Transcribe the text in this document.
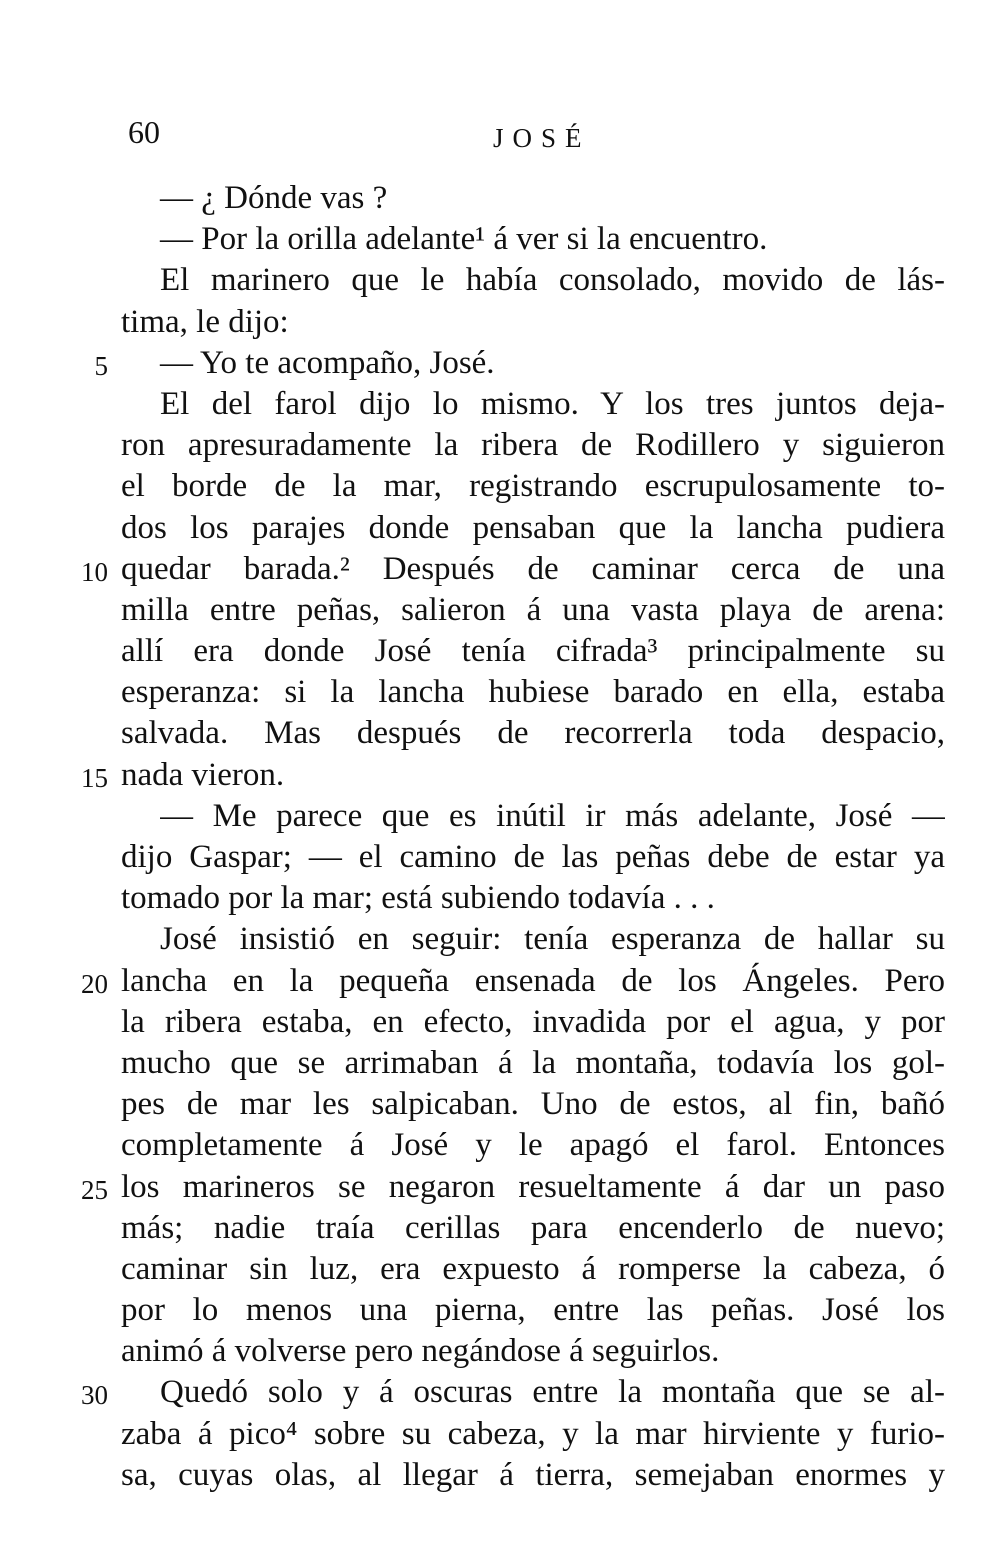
60	JOSÉ
— ¿ Dónde vas ?
— Por la orilla adelante¹ á ver si la encuentro.
El marinero que le había consolado, movido de lás-
tima, le dijo:
5 — Yo te acompaño, José.
El del farol dijo lo mismo. Y los tres juntos deja-
ron apresuradamente la ribera de Rodillero y siguieron
el borde de la mar, registrando escrupulosamente to-
dos los parajes donde pensaban que la lancha pudiera
10 quedar barada.² Después de caminar cerca de una
milla entre peñas, salieron á una vasta playa de arena:
allí era donde José tenía cifrada³ principalmente su
esperanza: si la lancha hubiese barado en ella, estaba
salvada. Mas después de recorrerla toda despacio,
15 nada vieron.
— Me parece que es inútil ir más adelante, José —
dijo Gaspar; — el camino de las peñas debe de estar ya
tomado por la mar; está subiendo todavía . . .
José insistió en seguir: tenía esperanza de hallar su
20 lancha en la pequeña ensenada de los Ángeles. Pero
la ribera estaba, en efecto, invadida por el agua, y por
mucho que se arrimaban á la montaña, todavía los gol-
pes de mar les salpicaban. Uno de estos, al fin, bañó
completamente á José y le apagó el farol. Entonces
25 los marineros se negaron resueltamente á dar un paso
más; nadie traía cerillas para encenderlo de nuevo;
caminar sin luz, era expuesto á romperse la cabeza, ó
por lo menos una pierna, entre las peñas. José los
animó á volverse pero negándose á seguirlos.
30 Quedó solo y á oscuras entre la montaña que se al-
zaba á pico⁴ sobre su cabeza, y la mar hirviente y furio-
sa, cuyas olas, al llegar á tierra, semejaban enormes y
